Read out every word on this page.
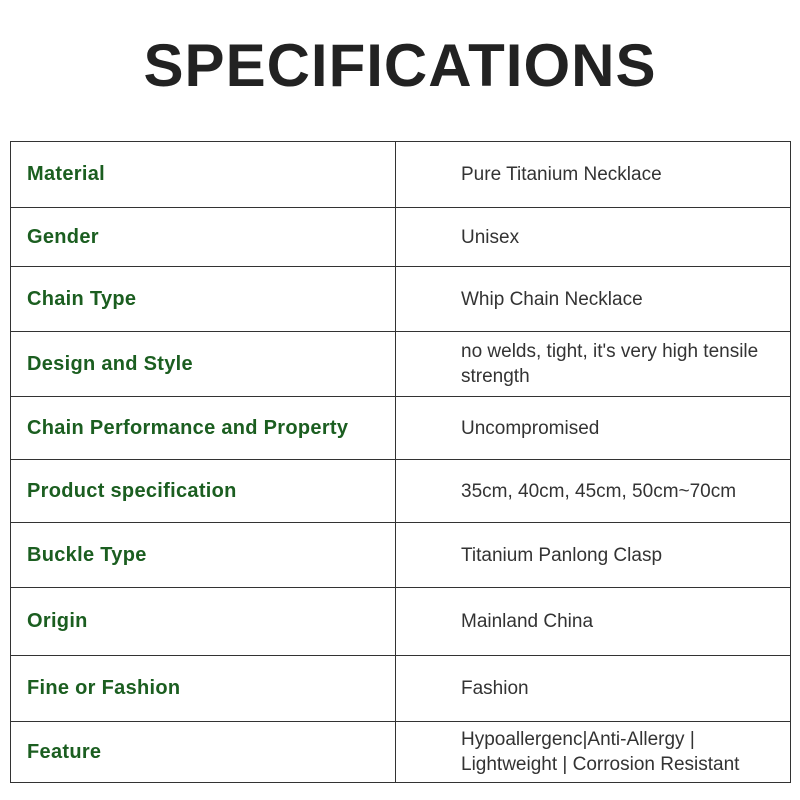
SPECIFICATIONS
Material	Pure Titanium Necklace
Gender	Unisex
Chain Type	Whip Chain Necklace
Design and Style	no welds, tight, it's very high tensile strength
Chain Performance and Property	Uncompromised
Product specification	35cm, 40cm, 45cm, 50cm~70cm
Buckle Type	Titanium Panlong Clasp
Origin	Mainland China
Fine or Fashion	Fashion
Feature	Hypoallergenc|Anti-Allergy | Lightweight | Corrosion Resistant
